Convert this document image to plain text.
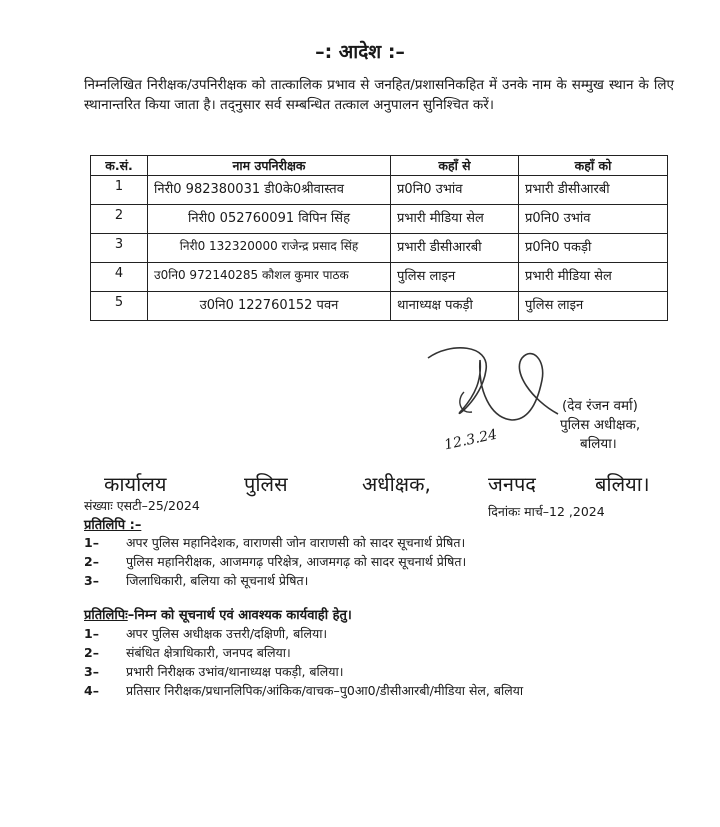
–: आदेश :–
निम्नलिखित निरीक्षक/उपनिरीक्षक को तात्कालिक प्रभाव से जनहित/प्रशासनिकहित में उनके नाम के सम्मुख स्थान के लिए स्थानान्तरित किया जाता है। तद्नुसार सर्व सम्बन्धित तत्काल अनुपालन सुनिश्चित करें।
क.सं.	नाम उपनिरीक्षक	कहाँ से	कहाँ को
1	निरी0 982380031 डी0के0श्रीवास्तव	प्र0नि0 उभांव	प्रभारी डीसीआरबी
2	निरी0 052760091 विपिन सिंह	प्रभारी मीडिया सेल	प्र0नि0 उभांव
3	निरी0 132320000 राजेन्द्र प्रसाद सिंह	प्रभारी डीसीआरबी	प्र0नि0 पकड़ी
4	उ0नि0 972140285 कौशल कुमार पाठक	पुलिस लाइन	प्रभारी मीडिया सेल
5	उ0नि0 122760152 पवन	थानाध्यक्ष पकड़ी	पुलिस लाइन
12.3.24
(देव रंजन वर्मा)
पुलिस अधीक्षक,
बलिया।
कार्यालय	पुलिस	अधीक्षक,	जनपद	बलिया।
संख्याः एसटी–25/2024	दिनांकः मार्च–12 ,2024
प्रतिलिपि :–
1– अपर पुलिस महानिदेशक, वाराणसी जोन वाराणसी को सादर सूचनार्थ प्रेषित।
2– पुलिस महानिरीक्षक, आजमगढ़ परिक्षेत्र, आजमगढ़ को सादर सूचनार्थ प्रेषित।
3– जिलाधिकारी, बलिया को सूचनार्थ प्रेषित।
प्रतिलिपिः–निम्न को सूचनार्थ एवं आवश्यक कार्यवाही हेतु।
1– अपर पुलिस अधीक्षक उत्तरी/दक्षिणी, बलिया।
2– संबंधित क्षेत्राधिकारी, जनपद बलिया।
3– प्रभारी निरीक्षक उभांव/थानाध्यक्ष पकड़ी, बलिया।
4– प्रतिसार निरीक्षक/प्रधानलिपिक/आंकिक/वाचक–पु0आ0/डीसीआरबी/मीडिया सेल, बलिया
